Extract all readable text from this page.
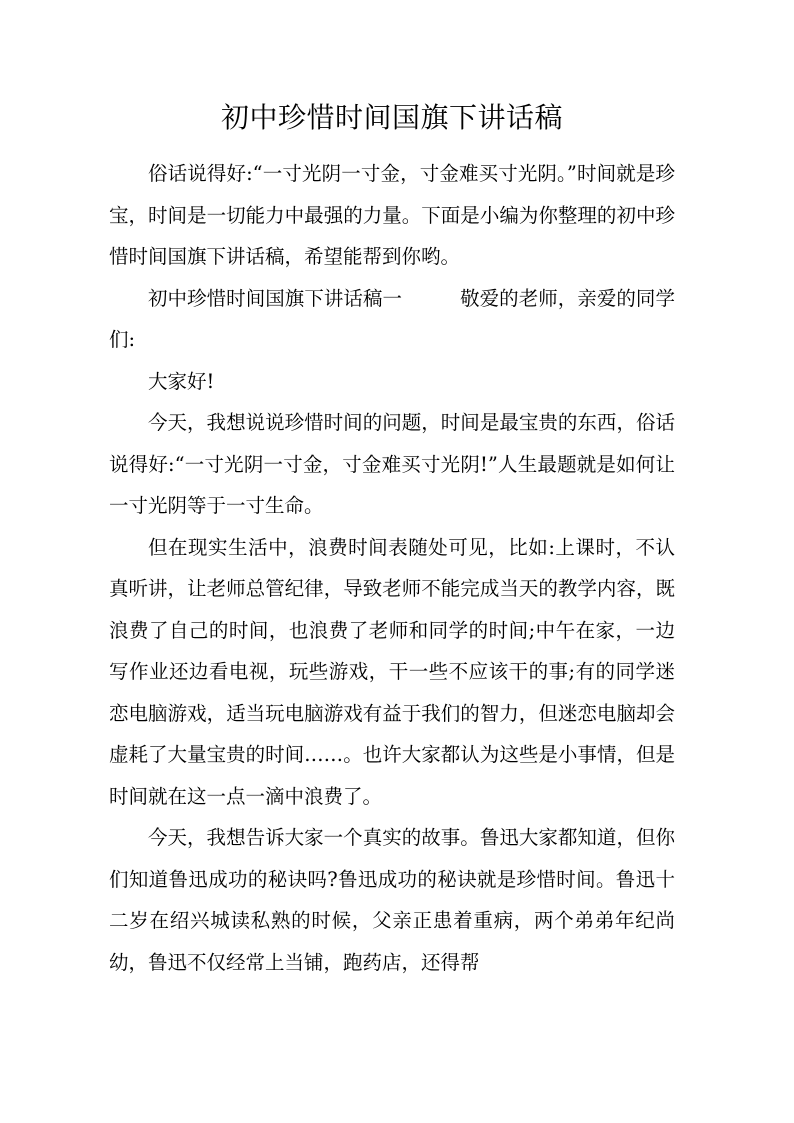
初中珍惜时间国旗下讲话稿

俗话说得好:“一寸光阴一寸金，寸金难买寸光阴。”时间就是珍宝，时间是一切能力中最强的力量。下面是小编为你整理的初中珍惜时间国旗下讲话稿，希望能帮到你哟。

初中珍惜时间国旗下讲话稿一	敬爱的老师，亲爱的同学们:

大家好!

今天，我想说说珍惜时间的问题，时间是最宝贵的东西，俗话说得好:“一寸光阴一寸金，寸金难买寸光阴!”人生最题就是如何让一寸光阴等于一寸生命。

但在现实生活中，浪费时间表随处可见，比如:上课时，不认真听讲，让老师总管纪律，导致老师不能完成当天的教学内容，既浪费了自己的时间，也浪费了老师和同学的时间;中午在家，一边写作业还边看电视，玩些游戏，干一些不应该干的事;有的同学迷恋电脑游戏，适当玩电脑游戏有益于我们的智力，但迷恋电脑却会虚耗了大量宝贵的时间……。也许大家都认为这些是小事情，但是时间就在这一点一滴中浪费了。

今天，我想告诉大家一个真实的故事。鲁迅大家都知道，但你们知道鲁迅成功的秘诀吗?鲁迅成功的秘诀就是珍惜时间。鲁迅十二岁在绍兴城读私熟的时候，父亲正患着重病，两个弟弟年纪尚幼，鲁迅不仅经常上当铺，跑药店，还得帮
